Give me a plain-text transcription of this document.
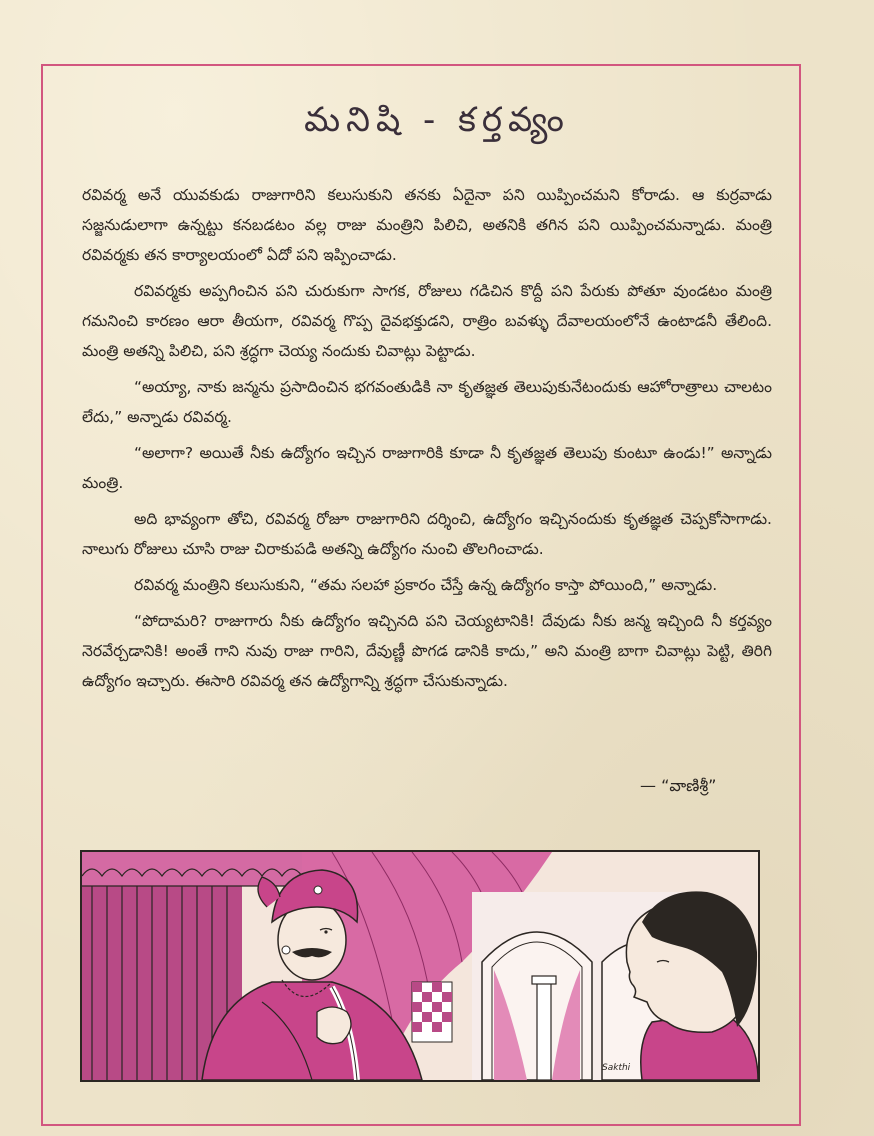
మనిషి - కర్తవ్యం

రవివర్మ అనే యువకుడు రాజుగారిని కలుసుకుని తనకు ఏదైనా పని యిప్పించమని కోరాడు. ఆ కుర్రవాడు సజ్జనుడులాగా ఉన్నట్టు కనబడటం వల్ల రాజు మంత్రిని పిలిచి, అతనికి తగిన పని యిప్పించమన్నాడు. మంత్రి రవివర్మకు తన కార్యాలయంలో ఏదో పని ఇప్పించాడు.

రవివర్మకు అప్పగించిన పని చురుకుగా సాగక, రోజులు గడిచిన కొద్దీ పని పేరుకు పోతూ వుండటం మంత్రి గమనించి కారణం ఆరా తీయగా, రవివర్మ గొప్ప దైవభక్తుడని, రాత్రిం బవళ్ళు దేవాలయంలోనే ఉంటాడనీ తేలింది. మంత్రి అతన్ని పిలిచి, పని శ్రద్ధగా చెయ్య నందుకు చివాట్లు పెట్టాడు.

“అయ్యా, నాకు జన్మను ప్రసాదించిన భగవంతుడికి నా కృతజ్ఞత తెలుపుకునేటందుకు ఆహోరాత్రాలు చాలటం లేదు,” అన్నాడు రవివర్మ.

“అలాగా? అయితే నీకు ఉద్యోగం ఇచ్చిన రాజుగారికి కూడా నీ కృతజ్ఞత తెలుపు కుంటూ ఉండు!” అన్నాడు మంత్రి.

అది భావ్యంగా తోచి, రవివర్మ రోజూ రాజుగారిని దర్శించి, ఉద్యోగం ఇచ్చినందుకు కృతజ్ఞత చెప్పకోసాగాడు. నాలుగు రోజులు చూసి రాజు చిరాకుపడి అతన్ని ఉద్యోగం నుంచి తొలగించాడు.

రవివర్మ మంత్రిని కలుసుకుని, “తమ సలహా ప్రకారం చేస్తే ఉన్న ఉద్యోగం కాస్తా పోయింది,” అన్నాడు.

“పోదామరి? రాజుగారు నీకు ఉద్యోగం ఇచ్చినది పని చెయ్యటానికి! దేవుడు నీకు జన్మ ఇచ్చింది నీ కర్తవ్యం నెరవేర్చడానికి! అంతే గాని నువు రాజు గారిని, దేవుణ్ణీ పొగడ డానికి కాదు,” అని మంత్రి బాగా చివాట్లు పెట్టి, తిరిగి ఉద్యోగం ఇచ్చారు. ఈసారి రవివర్మ తన ఉద్యోగాన్ని శ్రద్ధగా చేసుకున్నాడు.

— “వాణిశ్రీ”
Sakthi
